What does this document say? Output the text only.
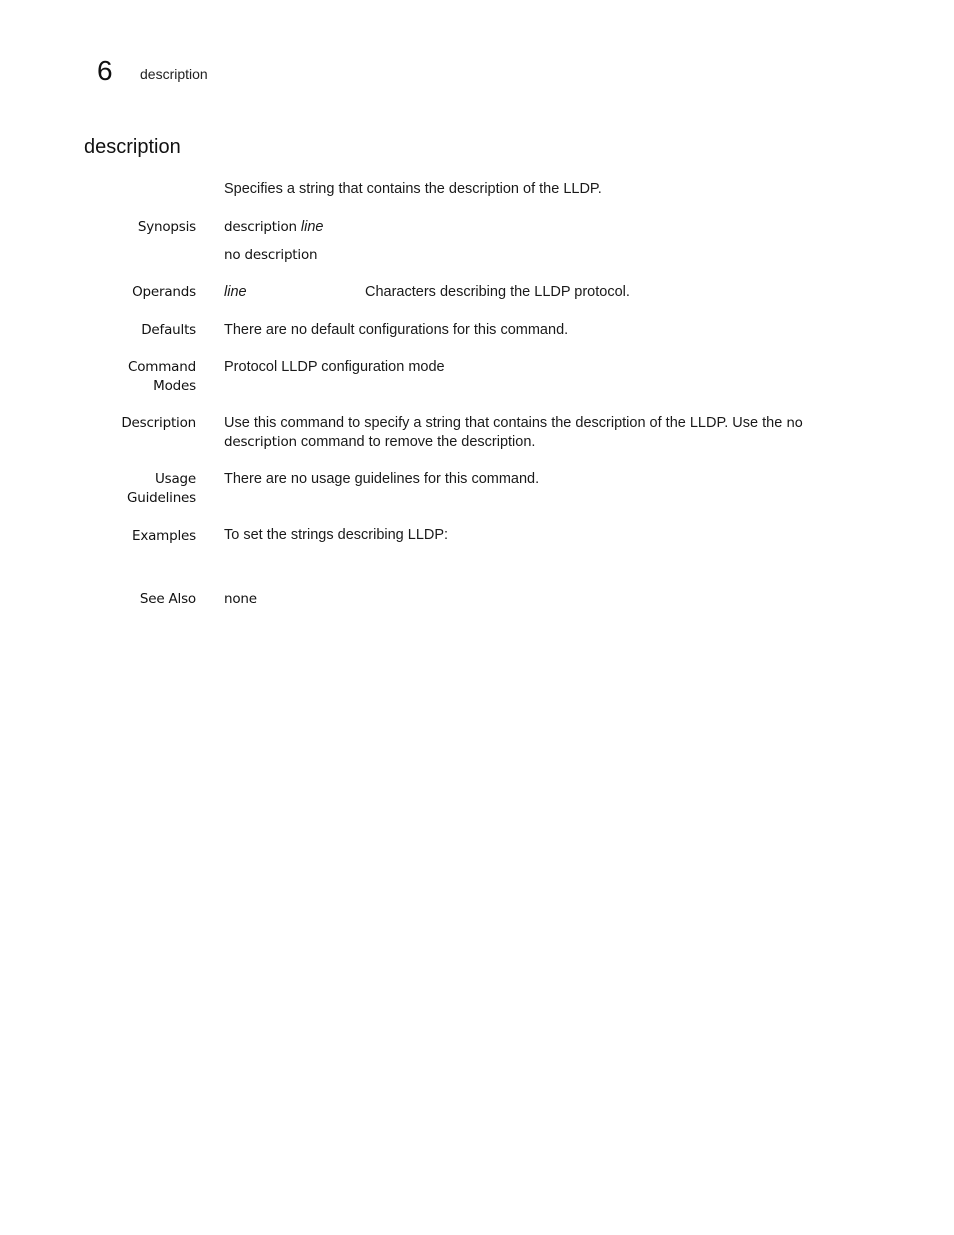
6 description
description
Specifies a string that contains the description of the LLDP.
Synopsis description line
no description
Operands line	Characters describing the LLDP protocol.
Defaults There are no default configurations for this command.
Command
Modes
Protocol LLDP configuration mode
Description Use this command to specify a string that contains the description of the LLDP. Use the no description command to remove the description.
Usage
Guidelines
There are no usage guidelines for this command.
Examples To set the strings describing LLDP:
See Also none
